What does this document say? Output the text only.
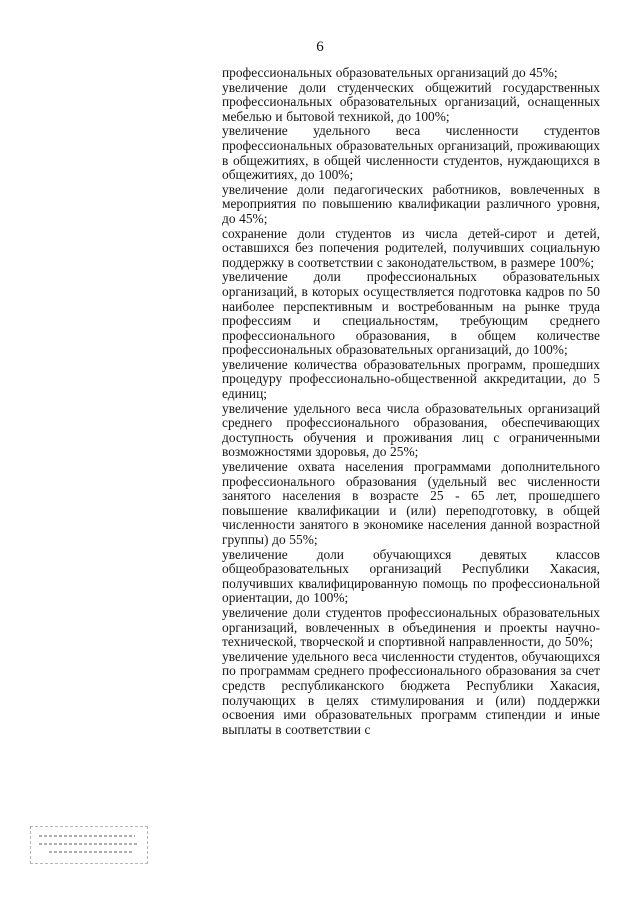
6

профессиональных образовательных организаций до 45%;

увеличение доли студенческих общежитий государственных профессиональных образовательных организаций, оснащенных мебелью и бытовой техникой, до 100%;

увеличение удельного веса численности студентов профессиональных образовательных организаций, проживающих в общежитиях, в общей численности студентов, нуждающихся в общежитиях, до 100%;

увеличение доли педагогических работников, вовлеченных в мероприятия по повышению квалификации различного уровня, до 45%;

сохранение доли студентов из числа детей-сирот и детей, оставшихся без попечения родителей, получивших социальную поддержку в соответствии с законодательством, в размере 100%;

увеличение доли профессиональных образовательных организаций, в которых осуществляется подготовка кадров по 50 наиболее перспективным и востребованным на рынке труда профессиям и специальностям, требующим среднего профессионального образования, в общем количестве профессиональных образовательных организаций, до 100%;

увеличение количества образовательных программ, прошедших процедуру профессионально-общественной аккредитации, до 5 единиц;

увеличение удельного веса числа образовательных организаций среднего профессионального образования, обеспечивающих доступность обучения и проживания лиц с ограниченными возможностями здоровья, до 25%;

увеличение охвата населения программами дополнительного профессионального образования (удельный вес численности занятого населения в возрасте 25 - 65 лет, прошедшего повышение квалификации и (или) переподготовку, в общей численности занятого в экономике населения данной возрастной группы) до 55%;

увеличение доли обучающихся девятых классов общеобразовательных организаций Республики Хакасия, получивших квалифицированную помощь по профессиональной ориентации, до 100%;

увеличение доли студентов профессиональных образовательных организаций, вовлеченных в объединения и проекты научно-технической, творческой и спортивной направленности, до 50%;

увеличение удельного веса численности студентов, обучающихся по программам среднего профессионального образования за счет средств республиканского бюджета Республики Хакасия, получающих в целях стимулирования и (или) поддержки освоения ими образовательных программ стипендии и иные выплаты в соответствии с
